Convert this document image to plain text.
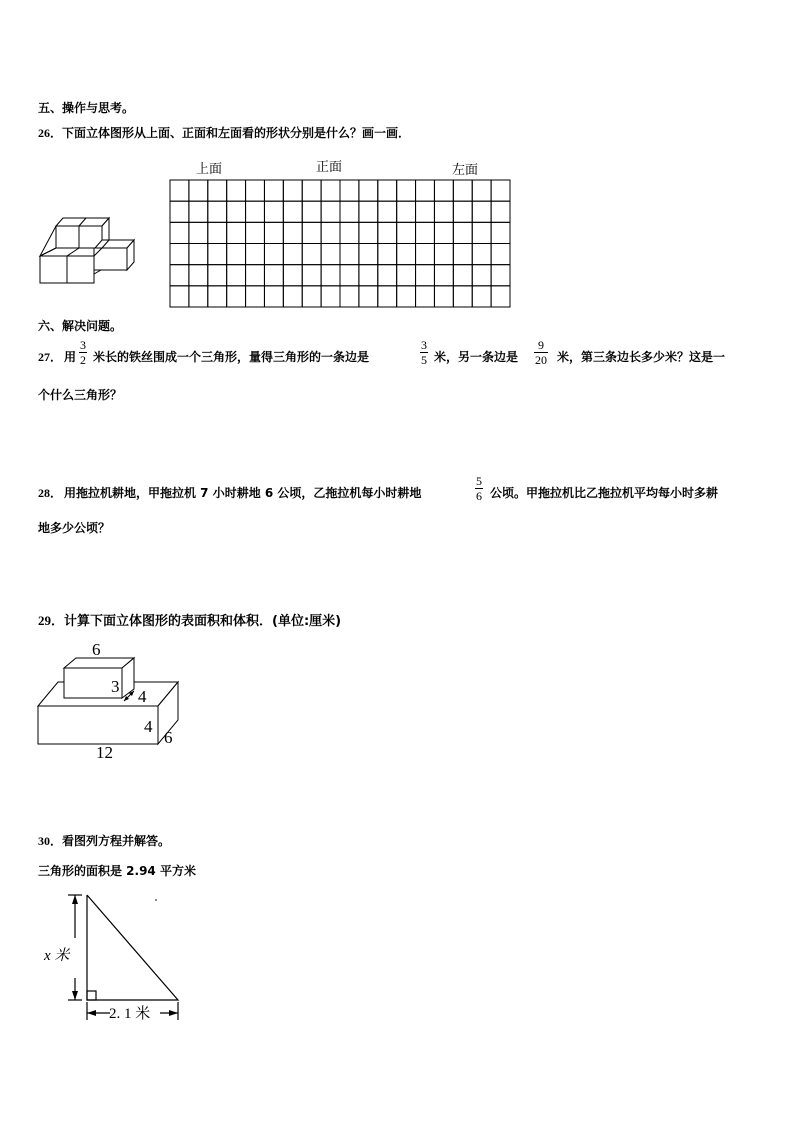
五、操作与思考。
26．下面立体图形从上面、正面和左面看的形状分别是什么？画一画．
上面	正面	左面
六、解决问题。
27． 用
3
2 米长的铁丝围成一个三角形，量得三角形的一条边是
3
5 米，另一条边是
9
20 米，第三条边长多少米？这是一
个什么三角形？
28． 用拖拉机耕地，甲拖拉机 7 小时耕地 6 公顷，乙拖拉机每小时耕地
5
6 公顷。甲拖拉机比乙拖拉机平均每小时多耕
地多少公顷？
29．计算下面立体图形的表面积和体积．(单位:厘米)
6
3
4
4
6
12
30．看图列方程并解答。
三角形的面积是 2.94 平方米
x 米
2. 1 米
